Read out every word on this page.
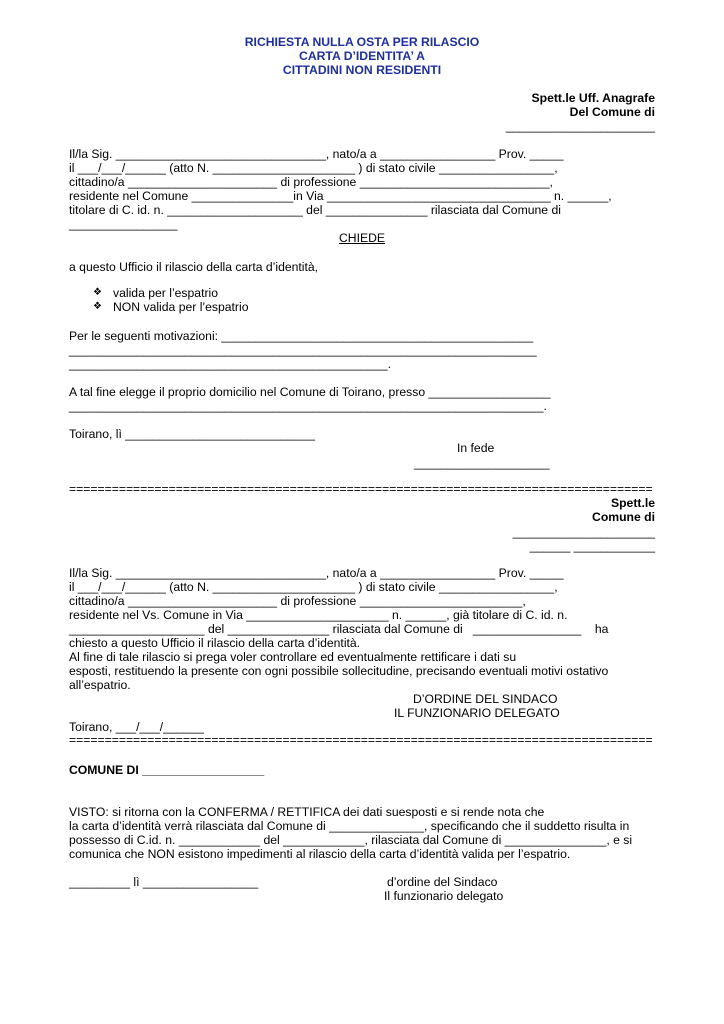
RICHIESTA NULLA OSTA PER RILASCIO
CARTA D’IDENTITA’ A
CITTADINI NON RESIDENTI
Spett.le Uff. Anagrafe
Del Comune di
______________________
Il/la Sig. _______________________________, nato/a a _________________ Prov. _____
il ___/___/______ (atto N. _____________________ ) di stato civile _________________,
cittadino/a ______________________ di professione ____________________________,
residente nel Comune _______________in Via _________________________________ n. ______,
titolare di C. id. n. ____________________ del _______________ rilasciata dal Comune di
________________
CHIEDE
a questo Ufficio il rilascio della carta d’identità,
❖ valida per l’espatrio
❖ NON valida per l’espatrio
Per le seguenti motivazioni: ______________________________________________
_____________________________________________________________________
_______________________________________________.
A tal fine elegge il proprio domicilio nel Comune di Toirano, presso __________________
______________________________________________________________________.
Toirano, lì ____________________________
In fede
____________________
==================================================================================
Spett.le
Comune di
_____________________
______ ____________
Il/la Sig. _______________________________, nato/a a _________________ Prov. _____
il ___/___/______ (atto N. _____________________ ) di stato civile _________________,
cittadino/a ______________________ di professione ________________________,
residente nel Vs. Comune in Via _____________________ n. ______, già titolare di C. id. n.
____________________ del _______________ rilasciata dal Comune di   ________________    ha
chiesto a questo Ufficio il rilascio della carta d’identità.
Al fine di tale rilascio si prega voler controllare ed eventualmente rettificare i dati su
esposti, restituendo la presente con ogni possibile sollecitudine, precisando eventuali motivi ostativo
all’espatrio.
D’ORDINE DEL SINDACO
IL FUNZIONARIO DELEGATO
Toirano, ___/___/______
==================================================================================
COMUNE DI __________________
VISTO: si ritorna con la CONFERMA / RETTIFICA dei dati suesposti e si rende nota che
la carta d’identità verrà rilasciata dal Comune di ______________, specificando che il suddetto risulta in
possesso di C.id. n. ____________ del ____________, rilasciata dal Comune di _______________, e si
comunica che NON esistono impedimenti al rilascio della carta d’identità valida per l’espatrio.
_________ lì _________________	d’ordine del Sindaco
Il funzionario delegato
